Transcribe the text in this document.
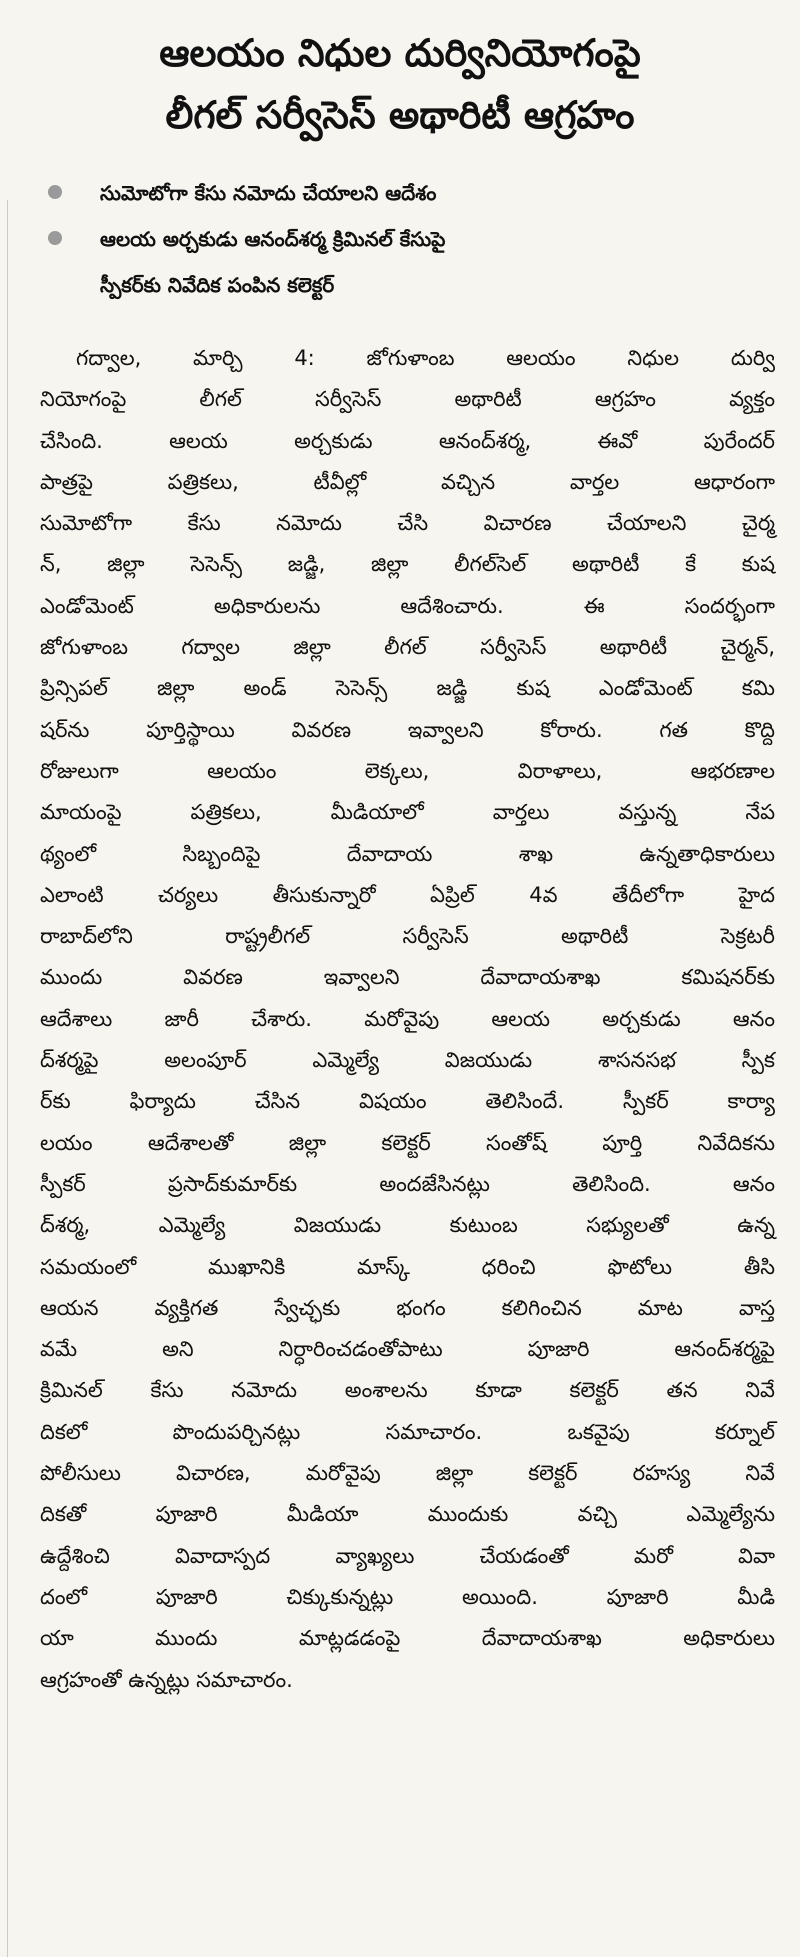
ఆలయం నిధుల దుర్వినియోగంపై
లీగల్ సర్వీసెస్ అథారిటీ ఆగ్రహం
సుమోటోగా కేసు నమోదు చేయాలని ఆదేశం
ఆలయ అర్చకుడు ఆనంద్‌శర్మ క్రిమినల్ కేసుపై
స్పీకర్‌కు నివేదిక పంపిన కలెక్టర్
గద్వాల, మార్చి 4: జోగుళాంబ ఆలయం నిధుల దుర్వి
నియోగంపై లీగల్ సర్వీసెస్ అథారిటీ ఆగ్రహం వ్యక్తం
చేసింది. ఆలయ అర్చకుడు ఆనంద్‌శర్మ, ఈవో పురేందర్
పాత్రపై పత్రికలు, టీవీల్లో వచ్చిన వార్తల ఆధారంగా
సుమోటోగా కేసు నమోదు చేసి విచారణ చేయాలని చైర్మ
న్, జిల్లా సెసెన్స్ జడ్జి, జిల్లా లీగల్‌సెల్ అథారిటీ కే కుష
ఎండోమెంట్ అధికారులను ఆదేశించారు. ఈ సందర్భంగా
జోగుళాంబ గద్వాల జిల్లా లీగల్ సర్వీసెస్ అథారిటీ చైర్మన్,
ప్రిన్సిపల్ జిల్లా అండ్ సెసెన్స్ జడ్జి కుష ఎండోమెంట్ కమి
షర్‌ను పూర్తిస్థాయి వివరణ ఇవ్వాలని కోరారు. గత కొద్ది
రోజులుగా ఆలయం లెక్కలు, విరాళాలు, ఆభరణాల
మాయంపై పత్రికలు, మీడియాలో వార్తలు వస్తున్న నేప
థ్యంలో సిబ్బందిపై దేవాదాయ శాఖ ఉన్నతాధికారులు
ఎలాంటి చర్యలు తీసుకున్నారో ఏప్రిల్ 4వ తేదీలోగా హైద
రాబాద్‌లోని రాష్ట్రలీగల్ సర్వీసెస్ అథారిటీ సెక్రటరీ
ముందు వివరణ ఇవ్వాలని దేవాదాయశాఖ కమిషనర్‌కు
ఆదేశాలు జారీ చేశారు. మరోవైపు ఆలయ అర్చకుడు ఆనం
ద్‌శర్మపై అలంపూర్ ఎమ్మెల్యే విజయుడు శాసనసభ స్పీక
ర్‌కు ఫిర్యాదు చేసిన విషయం తెలిసిందే. స్పీకర్ కార్యా
లయం ఆదేశాలతో జిల్లా కలెక్టర్ సంతోష్ పూర్తి నివేదికను
స్పీకర్ ప్రసాద్‌కుమార్‌కు అందజేసినట్లు తెలిసింది. ఆనం
ద్‌శర్మ, ఎమ్మెల్యే విజయుడు కుటుంబ సభ్యులతో ఉన్న
సమయంలో ముఖానికి మాస్క్ ధరించి ఫొటోలు తీసి
ఆయన వ్యక్తిగత స్వేచ్ఛకు భంగం కలిగించిన మాట వాస్త
వమే అని నిర్ధారించడంతోపాటు పూజారి ఆనంద్‌శర్మపై
క్రిమినల్ కేసు నమోదు అంశాలను కూడా కలెక్టర్ తన నివే
దికలో పొందుపర్చినట్లు సమాచారం. ఒకవైపు కర్నూల్
పోలీసులు విచారణ, మరోవైపు జిల్లా కలెక్టర్ రహస్య నివే
దికతో పూజారి మీడియా ముందుకు వచ్చి ఎమ్మెల్యేను
ఉద్దేశించి వివాదాస్పద వ్యాఖ్యలు చేయడంతో మరో వివా
దంలో పూజారి చిక్కుకున్నట్లు అయింది. పూజారి మీడి
యా ముందు మాట్లడడంపై దేవాదాయశాఖ అధికారులు
ఆగ్రహంతో ఉన్నట్లు సమాచారం.
